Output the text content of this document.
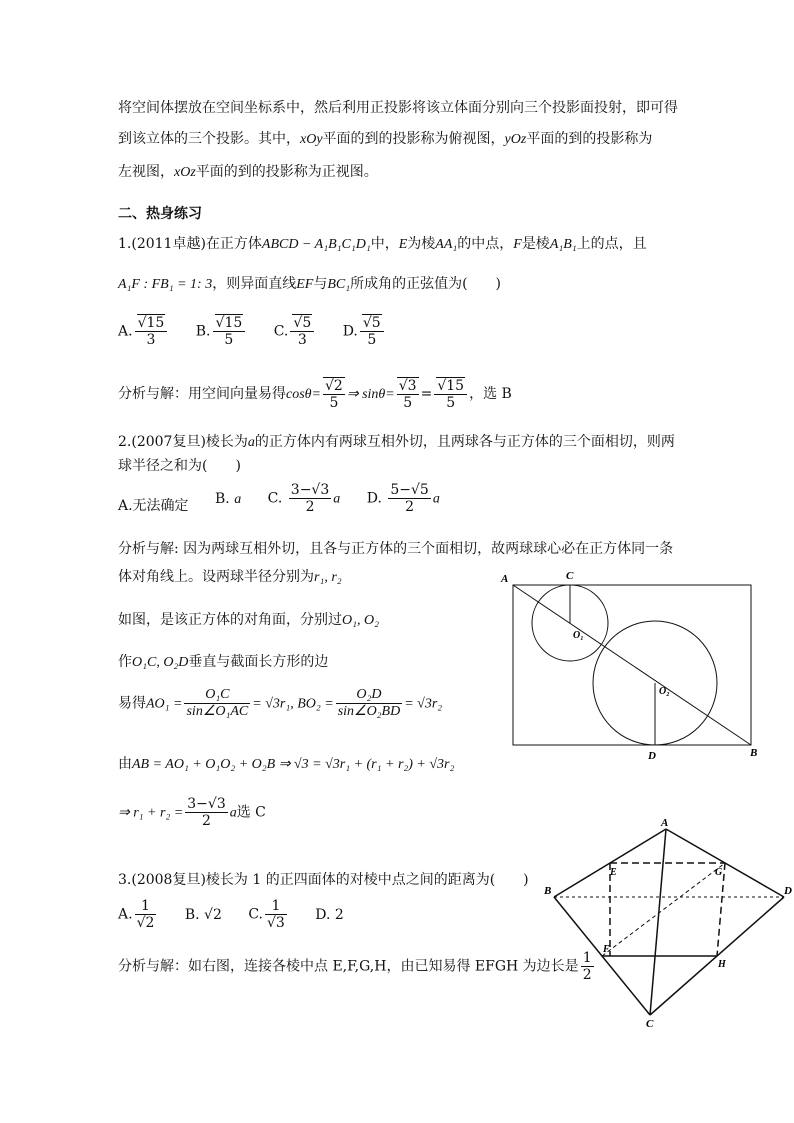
将空间体摆放在空间坐标系中，然后利用正投影将该立体面分别向三个投影面投射，即可得
到该立体的三个投影。其中，xOy平面的到的投影称为俯视图，yOz平面的到的投影称为
左视图，xOz平面的到的投影称为正视图。
二、热身练习
1.(2011卓越)在正方体ABCD − A₁B₁C₁D₁中，E为棱AA₁的中点，F是棱A₁B₁上的点，且
A₁F : FB₁ = 1: 3，则异面直线EF与BC₁所成角的正弦值为(　　)
A. √ $\frac{15}{3} B$. √ $\frac{15}{5} C$. √ $\frac{5}{3} D$. √ $\frac{5}{5}$
分析与解：用空间向量易得cosθ= √ $\frac{2}{5}$ ⇒ sinθ= √ $\frac{3}{5}$ = √ $\frac{15}{5}$ ，选 B
2.(2007复旦)棱长为a的正方体内有两球互相外切，且两球各与正方体的三个面相切，则两
球半径之和为(　　)
A.无法确定 B. a C. $\frac{3-√3}{2}$ a D. $\frac{5-√5}{2}$ a
分析与解: 因为两球互相外切，且各与正方体的三个面相切，故两球球心必在正方体同一条
体对角线上。设两球半径分别为r₁, r₂
如图，是该正方体的对角面，分别过O₁, O₂
作O₁C, O₂D垂直与截面长方形的边
易得$AO_1 = \frac{\text{O₁C}}{\text{sin∠O₁AC}} = √3r_1$, $BO_2 = \frac{\text{O₂D}}{\text{sin∠O₂BD}} = √3r_2$
由AB = AO₁ + O₁O₂ + O₂B ⇒ √3 = √3r₁ + (r₁ + r₂) + √3r₂
⇒ $r_1 + r_2 = \frac{3-√3}{2}$ a选 C
A	C
O₁
O₂
D	B
3.(2008复旦)棱长为 1 的正四面体的对棱中点之间的距离为(　　)
A. $\frac{1}{√2} B$. √2 C. $\frac{1}{√3} D$. 2
分析与解：如右图，连接各棱中点 E,F,G,H，由已知易得 EFGH 为边长是 $\frac{1}{2}$
A
B	D
C
E	G
F
H
